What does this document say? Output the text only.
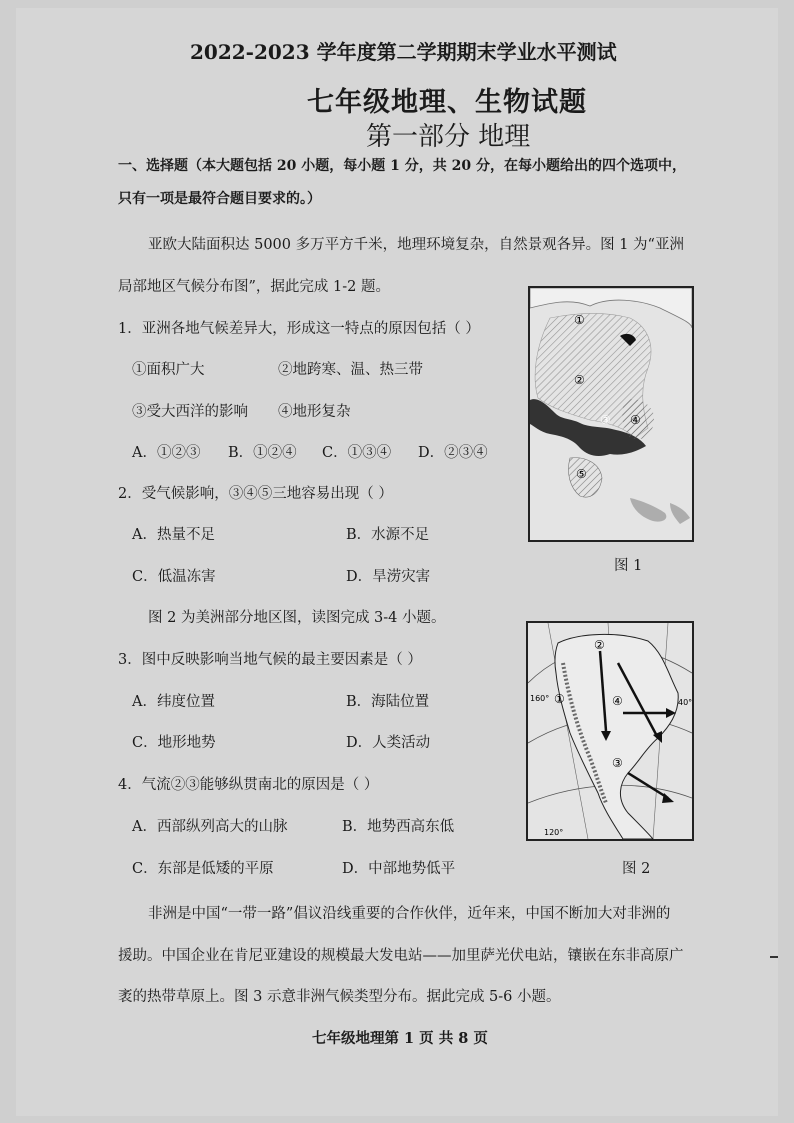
2022-2023 学年度第二学期期末学业水平测试
七年级地理、生物试题
第一部分 地理
一、选择题（本大题包括 20 小题，每小题 1 分，共 20 分，在每小题给出的四个选项中，
只有一项是最符合题目要求的。）
亚欧大陆面积达 5000 多万平方千米，地理环境复杂，自然景观各异。图 1 为“亚洲
局部地区气候分布图”，据此完成 1-2 题。
1．亚洲各地气候差异大，形成这一特点的原因包括（ ）
①面积广大	②地跨寒、温、热三带
③受大西洋的影响 ④地形复杂
A．①②③ B．①②④ C．①③④ D．②③④
2．受气候影响，③④⑤三地容易出现（ ）
A．热量不足	B．水源不足
C．低温冻害	D．旱涝灾害
①
②
③ ④
⑤
图 1
图 2 为美洲部分地区图，读图完成 3-4 小题。
3．图中反映影响当地气候的最主要因素是（ ）
A．纬度位置	B．海陆位置
C．地形地势	D．人类活动
4．气流②③能够纵贯南北的原因是（ ）
A．西部纵列高大的山脉	B．地势西高东低
C．东部是低矮的平原	D．中部地势低平
②
①	④
③
160°	40°
120°
图 2
非洲是中国“一带一路”倡议沿线重要的合作伙伴，近年来，中国不断加大对非洲的
援助。中国企业在肯尼亚建设的规模最大发电站——加里萨光伏电站，镶嵌在东非高原广
袤的热带草原上。图 3 示意非洲气候类型分布。据此完成 5-6 小题。
七年级地理第 1 页 共 8 页
